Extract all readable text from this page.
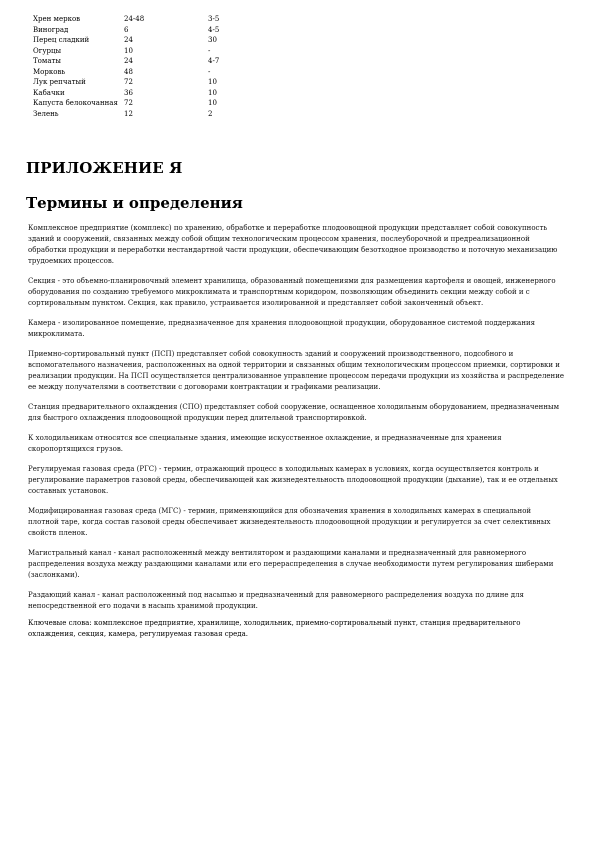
Хрен мерков	24-48	3-5
Виноград	6	4-5
Перец сладкий	24	30
Огурцы	10	-
Томаты	24	4-7
Морковь	48	-
Лук репчатый	72	10
Кабачки	36	10
Капуста белокочанная	72	10
Зелень	12	2
ПРИЛОЖЕНИЕ Я
Термины и определения

Комплексное предприятие (комплекс) по хранению, обработке и переработке плодоовощной продукции представляет собой совокупность зданий и сооружений, связанных между собой общим технологическим процессом хранения, послеуборочной и предреализационной обработки продукции и переработки нестандартной части продукции, обеспечивающим безотходное производство и поточную механизацию трудоемких процессов.

Секция - это объемно-планировочный элемент хранилища, образованный помещениями для размещения картофеля и овощей, инженерного оборудования по созданию требуемого микроклимата и транспортным коридором, позволяющим объединить секции между собой и с сортировальным пунктом. Секция, как правило, устраивается изолированной и представляет собой законченный объект.

Камера - изолированное помещение, предназначенное для хранения плодоовощной продукции, оборудованное системой поддержания микроклимата.

Приемно-сортировальный пункт (ПСП) представляет собой совокупность зданий и сооружений производственного, подсобного и вспомогательного назначения, расположенных на одной территории и связанных общим технологическим процессом приемки, сортировки и реализации продукции. На ПСП осуществляется централизованное управление процессом передачи продукции из хозяйства и распределение ее между получателями в соответствии с договорами контрактации и графиками реализации.

Станция предварительного охлаждения (СПО) представляет собой сооружение, оснащенное холодильным оборудованием, предназначенным для быстрого охлаждения плодоовощной продукции перед длительной транспортировкой.

К холодильникам относятся все специальные здания, имеющие искусственное охлаждение, и предназначенные для хранения скоропортящихся грузов.

Регулируемая газовая среда (РГС) - термин, отражающий процесс в холодильных камерах в условиях, когда осуществляется контроль и регулирование параметров газовой среды, обеспечивающей как жизнедеятельность плодоовощной продукции (дыхание), так и ее отдельных составных установок.

Модифицированная газовая среда (МГС) - термин, применяющийся для обозначения хранения в холодильных камерах в специальной плотной таре, когда состав газовой среды обеспечивает жизнедеятельность плодоовощной продукции и регулируется за счет селективных свойств пленок.

Магистральный канал - канал расположенный между вентилятором и раздающими каналами и предназначенный для равномерного распределения воздуха между раздающими каналами или его перераспределения в случае необходимости путем регулирования шиберами (заслонками).

Раздающий канал - канал расположенный под насыпью и предназначенный для равномерного распределения воздуха по длине для непосредственной его подачи в насыпь хранимой продукции.

Ключевые слова: комплексное предприятие, хранилище, холодильник, приемно-сортировальный пункт, станция предварительного охлаждения, секция, камера, регулируемая газовая среда.
